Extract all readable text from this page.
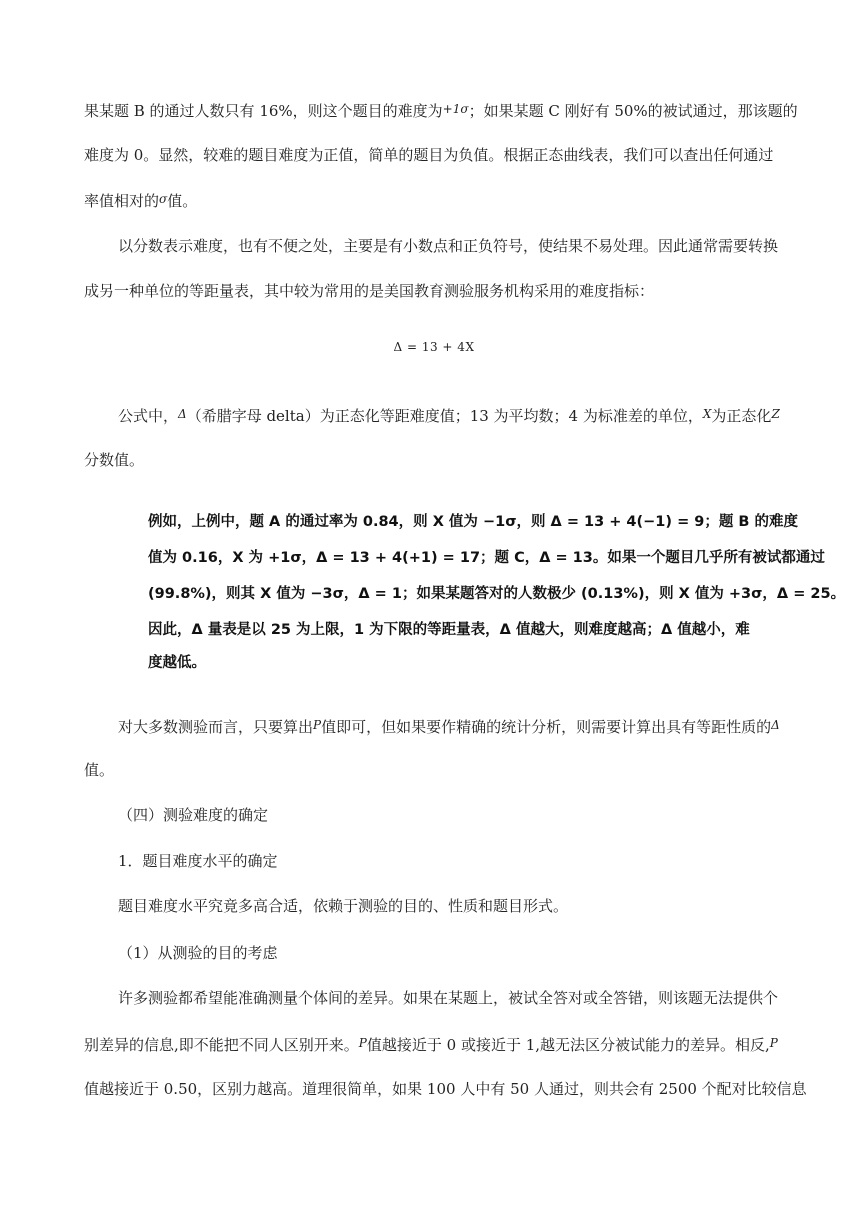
果某题 B 的通过人数只有 16%，则这个题目的难度为$^{+1\sigma}$；如果某题 C 刚好有 50%的被试通过，那该题的
难度为 0。显然，较难的题目难度为正值，简单的题目为负值。根据正态曲线表，我们可以查出任何通过
率值相对的$^\sigma$值。
以分数表示难度，也有不便之处，主要是有小数点和正负符号，使结果不易处理。因此通常需要转换
成另一种单位的等距量表，其中较为常用的是美国教育测验服务机构采用的难度指标：
Δ = 13 + 4X
公式中，$^\Delta$（希腊字母 delta）为正态化等距难度值；13 为平均数；4 为标准差的单位，$^X$为正态化$^Z$
分数值。
例如，上例中，题 A 的通过率为 0.84，则 X 值为 −1σ，则 Δ = 13 + 4(−1) = 9；题 B 的难度
值为 0.16，X 为 +1σ，Δ = 13 + 4(+1) = 17；题 C，Δ = 13。如果一个题目几乎所有被试都通过
(99.8%)，则其 X 值为 −3σ，Δ = 1；如果某题答对的人数极少 (0.13%)，则 X 值为 +3σ，Δ = 25。
因此，Δ 量表是以 25 为上限，1 为下限的等距量表，Δ 值越大，则难度越高；Δ 值越小，难
度越低。
对大多数测验而言，只要算出$^P$值即可，但如果要作精确的统计分析，则需要计算出具有等距性质的$^\Delta$
值。
（四）测验难度的确定
1．题目难度水平的确定
题目难度水平究竟多高合适，依赖于测验的目的、性质和题目形式。
（1）从测验的目的考虑
许多测验都希望能准确测量个体间的差异。如果在某题上，被试全答对或全答错，则该题无法提供个
别差异的信息,即不能把不同人区别开来。$^P$值越接近于 0 或接近于 1,越无法区分被试能力的差异。相反,$^P$
值越接近于 0.50，区别力越高。道理很简单，如果 100 人中有 50 人通过，则共会有 2500 个配对比较信息
